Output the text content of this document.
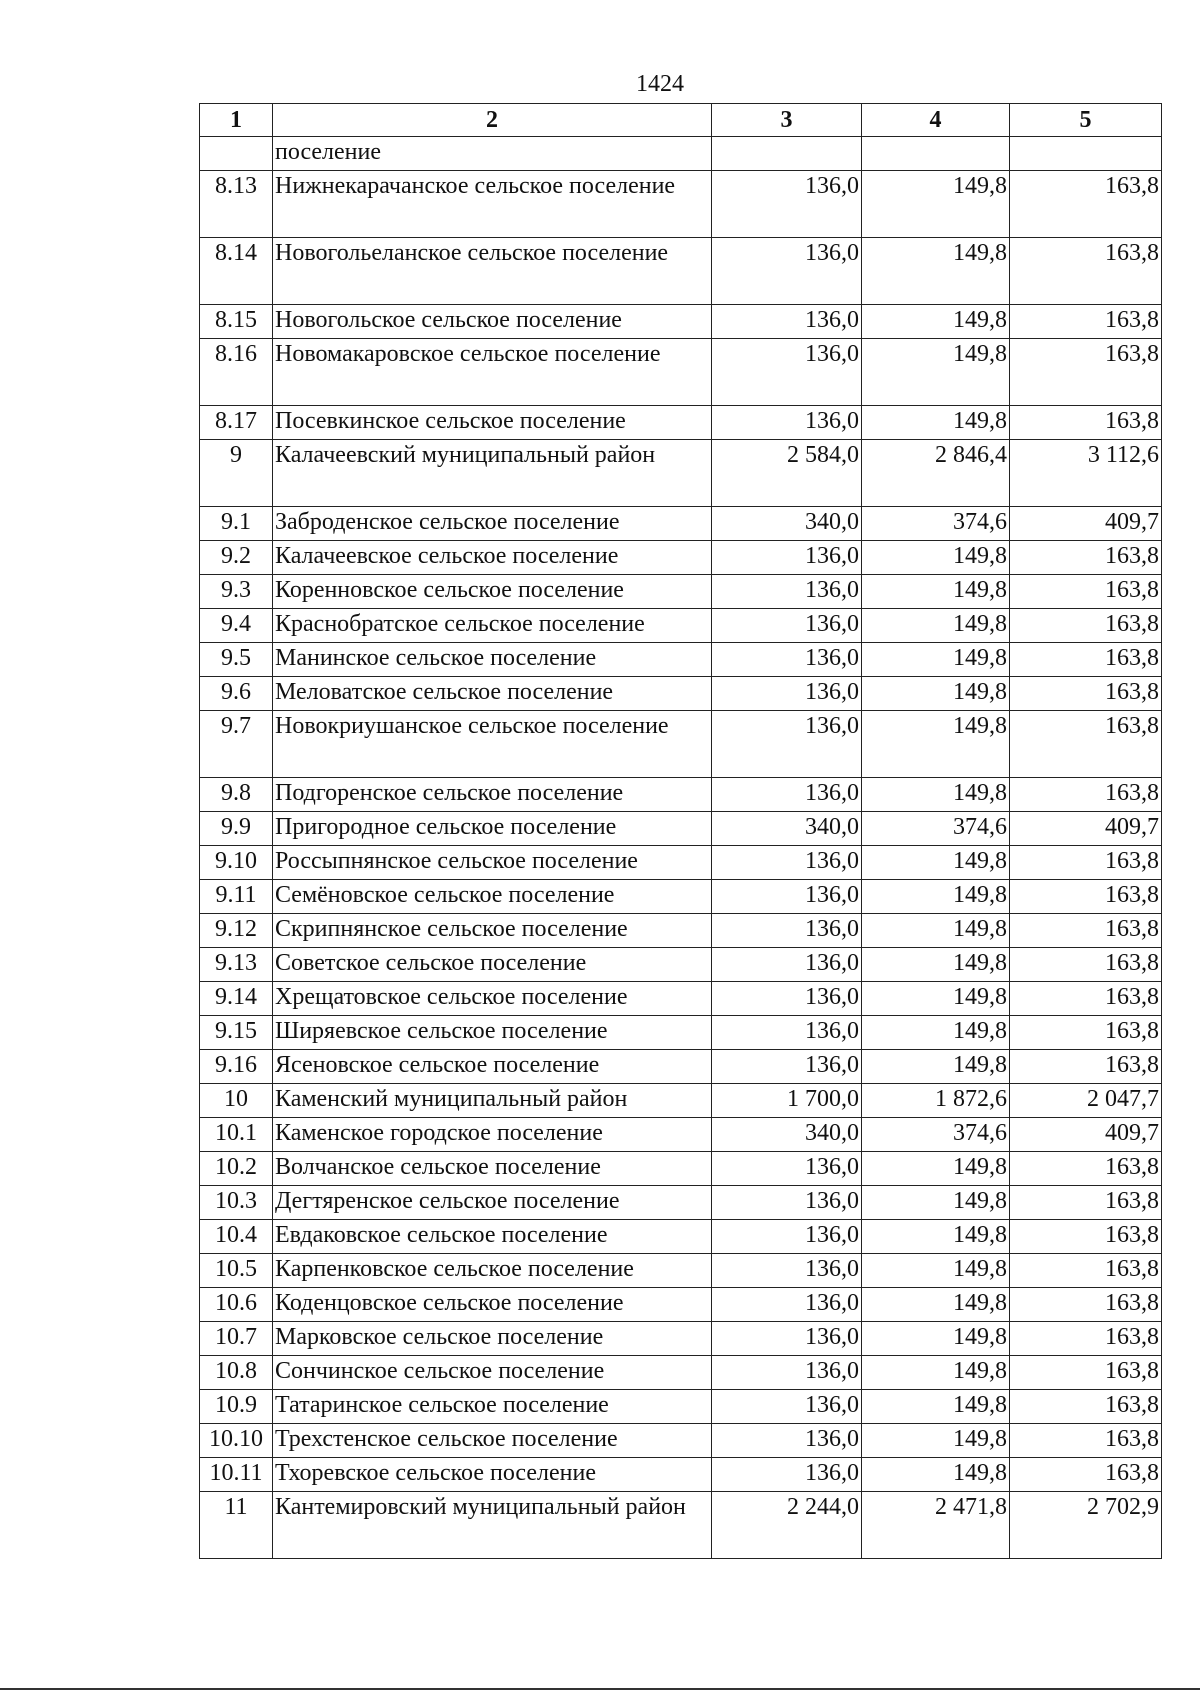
1424
1	2	3	4	5
	поселение			
8.13	Нижнекарачанское сельское поселение	136,0	149,8	163,8
8.14	Новогольеланское сельское поселение	136,0	149,8	163,8
8.15	Новогольское сельское поселение	136,0	149,8	163,8
8.16	Новомакаровское сельское поселение	136,0	149,8	163,8
8.17	Посевкинское сельское поселение	136,0	149,8	163,8
9	Калачеевский муниципальный район	2 584,0	2 846,4	3 112,6
9.1	Заброденское сельское поселение	340,0	374,6	409,7
9.2	Калачеевское сельское поселение	136,0	149,8	163,8
9.3	Коренновское сельское поселение	136,0	149,8	163,8
9.4	Краснобратское сельское поселение	136,0	149,8	163,8
9.5	Манинское сельское поселение	136,0	149,8	163,8
9.6	Меловатское сельское поселение	136,0	149,8	163,8
9.7	Новокриушанское сельское поселение	136,0	149,8	163,8
9.8	Подгоренское сельское поселение	136,0	149,8	163,8
9.9	Пригородное сельское поселение	340,0	374,6	409,7
9.10	Россыпнянское сельское поселение	136,0	149,8	163,8
9.11	Семёновское сельское поселение	136,0	149,8	163,8
9.12	Скрипнянское сельское поселение	136,0	149,8	163,8
9.13	Советское сельское поселение	136,0	149,8	163,8
9.14	Хрещатовское сельское поселение	136,0	149,8	163,8
9.15	Ширяевское сельское поселение	136,0	149,8	163,8
9.16	Ясеновское сельское поселение	136,0	149,8	163,8
10	Каменский муниципальный район	1 700,0	1 872,6	2 047,7
10.1	Каменское городское поселение	340,0	374,6	409,7
10.2	Волчанское сельское поселение	136,0	149,8	163,8
10.3	Дегтяренское сельское поселение	136,0	149,8	163,8
10.4	Евдаковское сельское поселение	136,0	149,8	163,8
10.5	Карпенковское сельское поселение	136,0	149,8	163,8
10.6	Коденцовское сельское поселение	136,0	149,8	163,8
10.7	Марковское сельское поселение	136,0	149,8	163,8
10.8	Сончинское сельское поселение	136,0	149,8	163,8
10.9	Татаринское сельское поселение	136,0	149,8	163,8
10.10	Трехстенское сельское поселение	136,0	149,8	163,8
10.11	Тхоревское сельское поселение	136,0	149,8	163,8
11	Кантемировский муниципальный район	2 244,0	2 471,8	2 702,9
